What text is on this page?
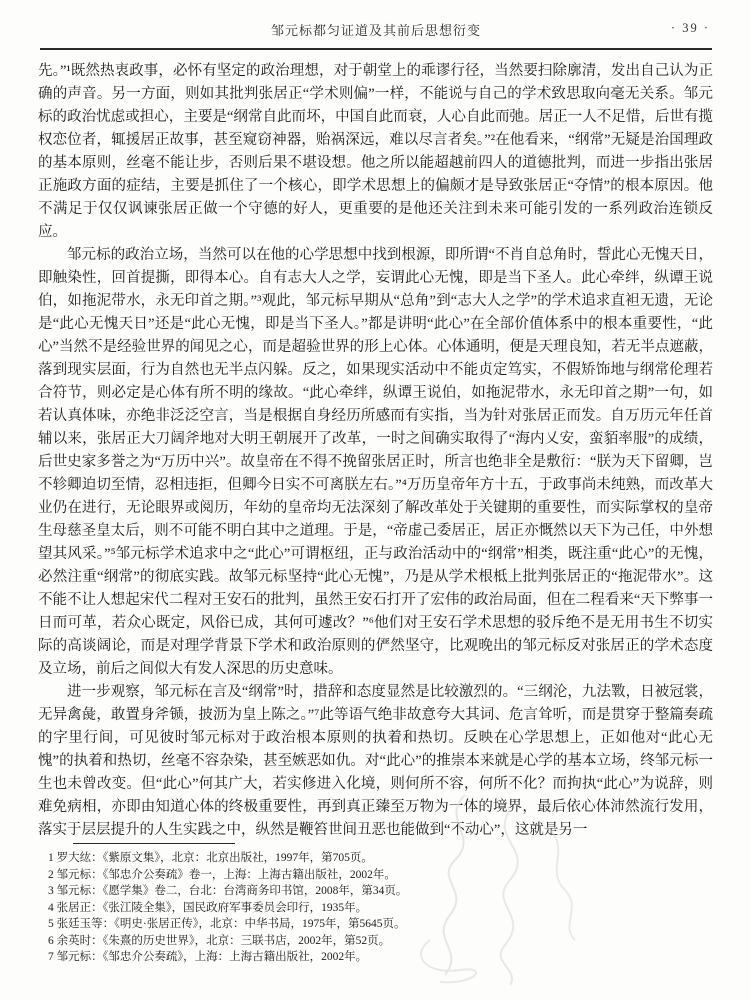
邹元标都匀证道及其前后思想衍变	· 39 ·

先。”¹既然热衷政事，必怀有坚定的政治理想，对于朝堂上的乖谬行径，当然要扫除廓清，发出自己认为正确的声音。另一方面，则如其批判张居正“学术则偏”一样，不能说与自己的学术致思取向毫无关系。邹元标的政治忧虑或担心，主要是“纲常自此而坏，中国自此而衰，人心自此而弛。居正一人不足惜，后世有揽权恋位者，辄援居正故事，甚至窥窃神器，贻祸深远，难以尽言者矣。”²在他看来，“纲常”无疑是治国理政的基本原则，丝毫不能让步，否则后果不堪设想。他之所以能超越前四人的道德批判，而进一步指出张居正施政方面的症结，主要是抓住了一个核心，即学术思想上的偏颇才是导致张居正“夺情”的根本原因。他不满足于仅仅讽谏张居正做一个守德的好人，更重要的是他还关注到未来可能引发的一系列政治连锁反应。

邹元标的政治立场，当然可以在他的心学思想中找到根源，即所谓“不肖自总角时，誓此心无愧天日，即触染性，回首提撕，即得本心。自有志大人之学，妄谓此心无愧，即是当下圣人。此心牵绊，纵谭王说伯，如拖泥带水，永无印首之期。”³观此，邹元标早期从“总角”到“志大人之学”的学术追求直袒无遗，无论是“此心无愧天日”还是“此心无愧，即是当下圣人。”都是讲明“此心”在全部价值体系中的根本重要性，“此心”当然不是经验世界的闻见之心，而是超验世界的形上心体。心体通明，便是天理良知，若无半点遮蔽，落到现实层面，行为自然也无半点闪躲。反之，如果现实活动中不能贞定笃实，不假矫饰地与纲常伦理若合符节，则必定是心体有所不明的缘故。“此心牵绊，纵谭王说伯，如拖泥带水，永无印首之期”一句，如若认真体味，亦绝非泛泛空言，当是根据自身经历所感而有实指，当为针对张居正而发。自万历元年任首辅以来，张居正大刀阔斧地对大明王朝展开了改革，一时之间确实取得了“海内乂安，蛮貊率服”的成绩，后世史家多誉之为“万历中兴”。故皇帝在不得不挽留张居正时，所言也绝非全是敷衍：“朕为天下留卿，岂不轸卿迫切至情，忍相违拒，但卿今日实不可离朕左右。”⁴万历皇帝年方十五，于政事尚未纯熟，而改革大业仍在进行，无论眼界或阅历，年幼的皇帝均无法深刻了解改革处于关键期的重要性，而实际掌权的皇帝生母慈圣皇太后，则不可能不明白其中之道理。于是，“帝虚己委居正，居正亦慨然以天下为己任，中外想望其风采。”⁵邹元标学术追求中之“此心”可谓枢纽，正与政治活动中的“纲常”相类，既注重“此心”的无愧，必然注重“纲常”的彻底实践。故邹元标坚持“此心无愧”，乃是从学术根柢上批判张居正的“拖泥带水”。这不能不让人想起宋代二程对王安石的批判，虽然王安石打开了宏伟的政治局面，但在二程看来“天下弊事一日而可革，若众心既定，风俗已成，其何可遽改？”⁶他们对王安石学术思想的驳斥绝不是无用书生不切实际的高谈阔论，而是对理学背景下学术和政治原则的俨然坚守，比观晚出的邹元标反对张居正的学术态度及立场，前后之间似大有发人深思的历史意味。

进一步观察，邹元标在言及“纲常”时，措辞和态度显然是比较激烈的。“三纲沦，九法斁，日被冠裳，无异禽彘，敢置身斧锧，披沥为皇上陈之。”⁷此等语气绝非故意夸大其词、危言耸听，而是贯穿于整篇奏疏的字里行间，可见彼时邹元标对于政治根本原则的执着和热切。反映在心学思想上，正如他对“此心无愧”的执着和热切，丝毫不容杂染，甚至嫉恶如仇。对“此心”的推崇本来就是心学的基本立场，终邹元标一生也未曾改变。但“此心”何其广大，若实修进入化境，则何所不容，何所不化？而拘执“此心”为说辞，则难免病相，亦即由知道心体的终极重要性，再到真正臻至万物为一体的境界，最后依心体沛然流行发用，落实于层层提升的人生实践之中，纵然是鞭笞世间丑恶也能做到“不动心”，这就是另一

1 罗大纮：《紫原文集》，北京：北京出版社，1997年，第705页。
2 邹元标：《邹忠介公奏疏》卷一，上海：上海古籍出版社，2002年。
3 邹元标：《愿学集》卷二，台北：台湾商务印书馆，2008年，第34页。
4 张居正：《张江陵全集》，国民政府军事委员会印行，1935年。
5 张廷玉等：《明史·张居正传》，北京：中华书局，1975年，第5645页。
6 余英时：《朱熹的历史世界》，北京：三联书店，2002年，第52页。
7 邹元标：《邹忠介公奏疏》，上海：上海古籍出版社，2002年。
